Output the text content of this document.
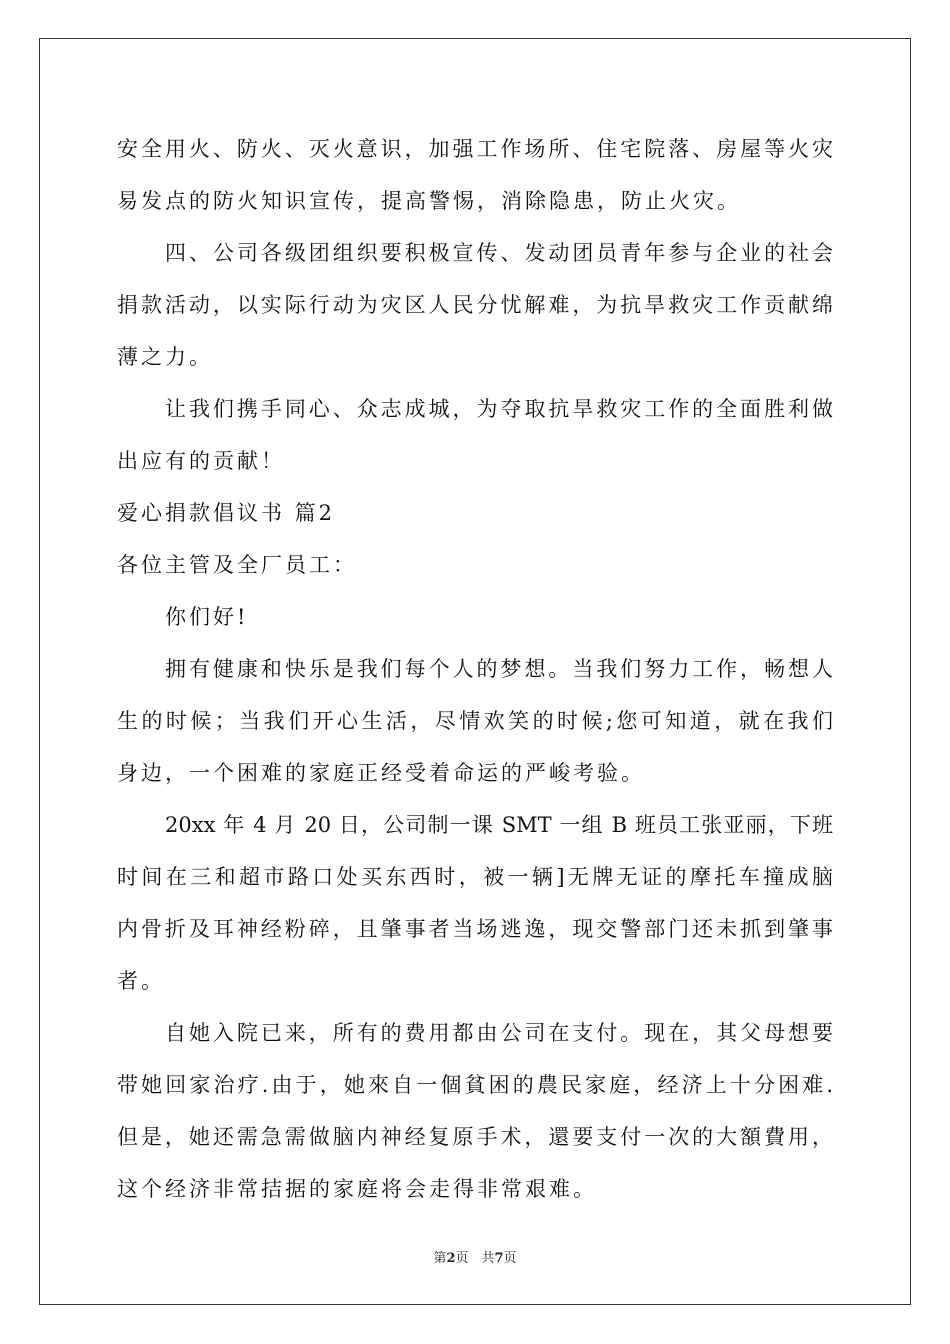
安全用火、防火、灭火意识，加强工作场所、住宅院落、房屋等火灾
易发点的防火知识宣传，提高警惕，消除隐患，防止火灾。
四、公司各级团组织要积极宣传、发动团员青年参与企业的社会
捐款活动，以实际行动为灾区人民分忧解难，为抗旱救灾工作贡献绵
薄之力。
让我们携手同心、众志成城，为夺取抗旱救灾工作的全面胜利做
出应有的贡献！
爱心捐款倡议书 篇2
各位主管及全厂员工：
你们好!
拥有健康和快乐是我们每个人的梦想。当我们努力工作，畅想人
生的时候；当我们开心生活，尽情欢笑的时候;您可知道，就在我们
身边，一个困难的家庭正经受着命运的严峻考验。
20xx 年 4 月 20 日，公司制一课 SMT 一组 B 班员工张亚丽，下班
时间在三和超市路口处买东西时，被一辆]无牌无证的摩托车撞成脑
内骨折及耳神经粉碎，且肇事者当场逃逸，现交警部门还未抓到肇事
者。
自她入院已来，所有的费用都由公司在支付。现在，其父母想要
带她回家治疗.由于，她來自一個貧困的農民家庭，经济上十分困难.
但是，她还需急需做脑内神经复原手术，還要支付一次的大額費用，
这个经济非常拮据的家庭将会走得非常艰难。
第2页　共7页
